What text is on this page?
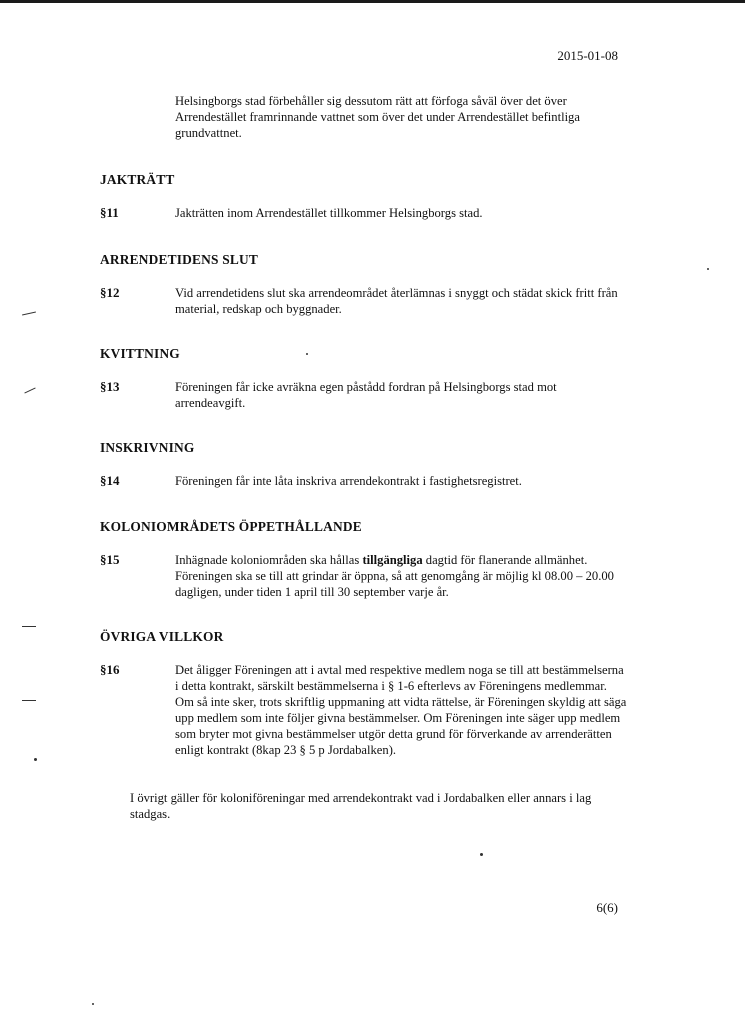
2015-01-08
Helsingborgs stad förbehåller sig dessutom rätt att förfoga såväl över det över Arrendestället framrinnande vattnet som över det under Arrendestället befintliga grundvattnet.
JAKTRÄTT
§11	Jakträtten inom Arrendestället tillkommer Helsingborgs stad.
ARRENDETIDENS SLUT
§12	Vid arrendetidens slut ska arrendeområdet återlämnas i snyggt och städat skick fritt från material, redskap och byggnader.
KVITTNING
§13	Föreningen får icke avräkna egen påstådd fordran på Helsingborgs stad mot arrendeavgift.
INSKRIVNING
§14	Föreningen får inte låta inskriva arrendekontrakt i fastighetsregistret.
KOLONIOMRÅDETS ÖPPETHÅLLANDE
§15	Inhägnade koloniområden ska hållas tillgängliga dagtid för flanerande allmänhet. Föreningen ska se till att grindar är öppna, så att genomgång är möjlig kl 08.00 – 20.00 dagligen, under tiden 1 april till 30 september varje år.
ÖVRIGA VILLKOR
§16	Det åligger Föreningen att i avtal med respektive medlem noga se till att bestämmelserna i detta kontrakt, särskilt bestämmelserna i § 1-6 efterlevs av Föreningens medlemmar. Om så inte sker, trots skriftlig uppmaning att vidta rättelse, är Föreningen skyldig att säga upp medlem som inte följer givna bestämmelser. Om Föreningen inte säger upp medlem som bryter mot givna bestämmelser utgör detta grund för förverkande av arrenderätten enligt kontrakt (8kap 23 § 5 p Jordabalken).
I övrigt gäller för koloniföreningar med arrendekontrakt vad i Jordabalken eller annars i lag stadgas.
6(6)
